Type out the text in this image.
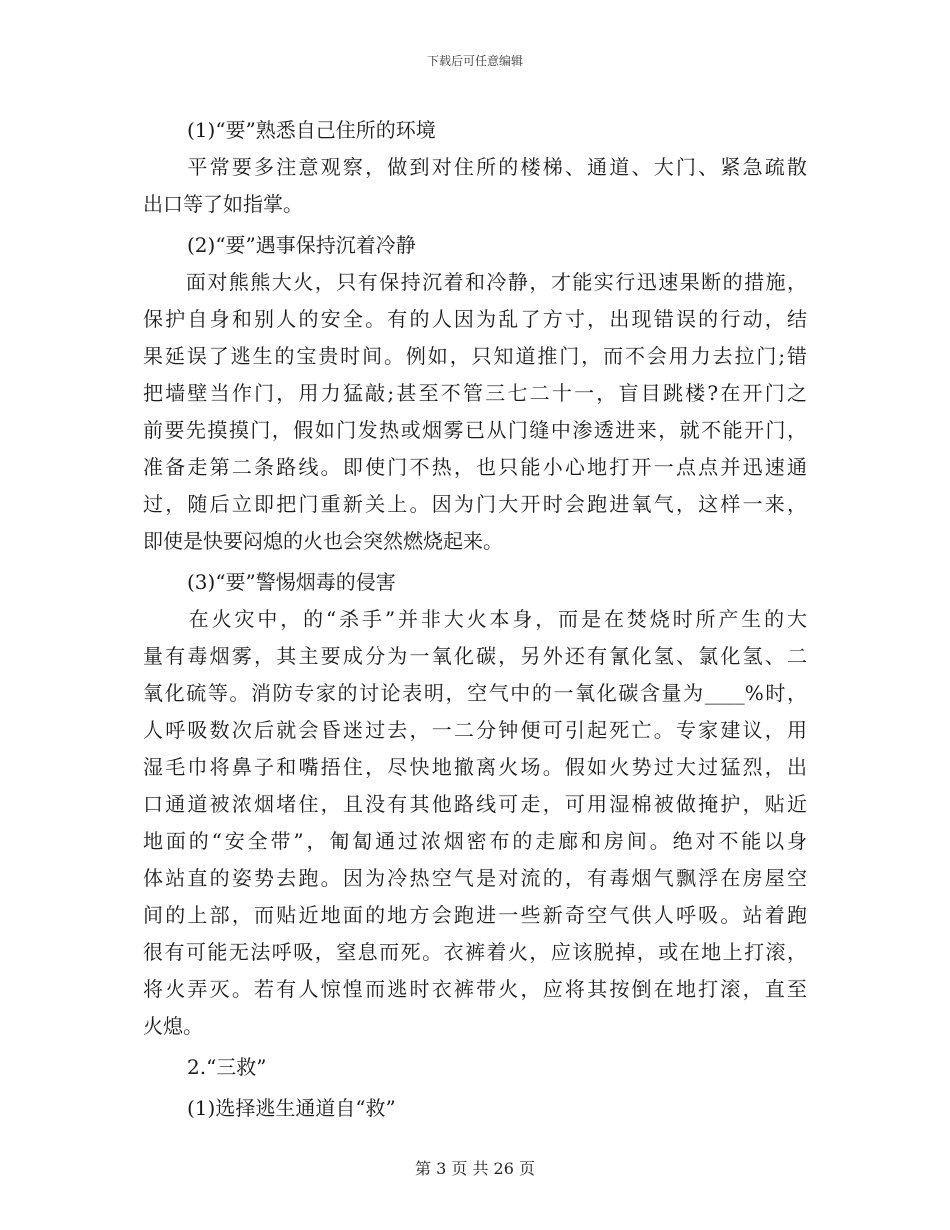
下载后可任意编辑
(1)“要”熟悉自己住所的环境
　　平常要多注意观察，做到对住所的楼梯、通道、大门、紧急疏散
出口等了如指掌。
(2)“要”遇事保持沉着冷静
　　面对熊熊大火，只有保持沉着和冷静，才能实行迅速果断的措施，
保护自身和别人的安全。有的人因为乱了方寸，出现错误的行动，结
果延误了逃生的宝贵时间。例如，只知道推门，而不会用力去拉门;错
把墙壁当作门，用力猛敲;甚至不管三七二十一，盲目跳楼?在开门之
前要先摸摸门，假如门发热或烟雾已从门缝中渗透进来，就不能开门，
准备走第二条路线。即使门不热，也只能小心地打开一点点并迅速通
过，随后立即把门重新关上。因为门大开时会跑进氧气，这样一来，
即使是快要闷熄的火也会突然燃烧起来。
(3)“要”警惕烟毒的侵害
　　在火灾中，的“杀手”并非大火本身，而是在焚烧时所产生的大
量有毒烟雾，其主要成分为一氧化碳，另外还有氰化氢、氯化氢、二
氧化硫等。消防专家的讨论表明，空气中的一氧化碳含量为____%时，
人呼吸数次后就会昏迷过去，一二分钟便可引起死亡。专家建议，用
湿毛巾将鼻子和嘴捂住，尽快地撤离火场。假如火势过大过猛烈，出
口通道被浓烟堵住，且没有其他路线可走，可用湿棉被做掩护，贴近
地面的“安全带”，匍匐通过浓烟密布的走廊和房间。绝对不能以身
体站直的姿势去跑。因为冷热空气是对流的，有毒烟气飘浮在房屋空
间的上部，而贴近地面的地方会跑进一些新奇空气供人呼吸。站着跑
很有可能无法呼吸，窒息而死。衣裤着火，应该脱掉，或在地上打滚，
将火弄灭。若有人惊惶而逃时衣裤带火，应将其按倒在地打滚，直至
火熄。
2.“三救”
(1)选择逃生通道自“救”
第 3 页 共 26 页
